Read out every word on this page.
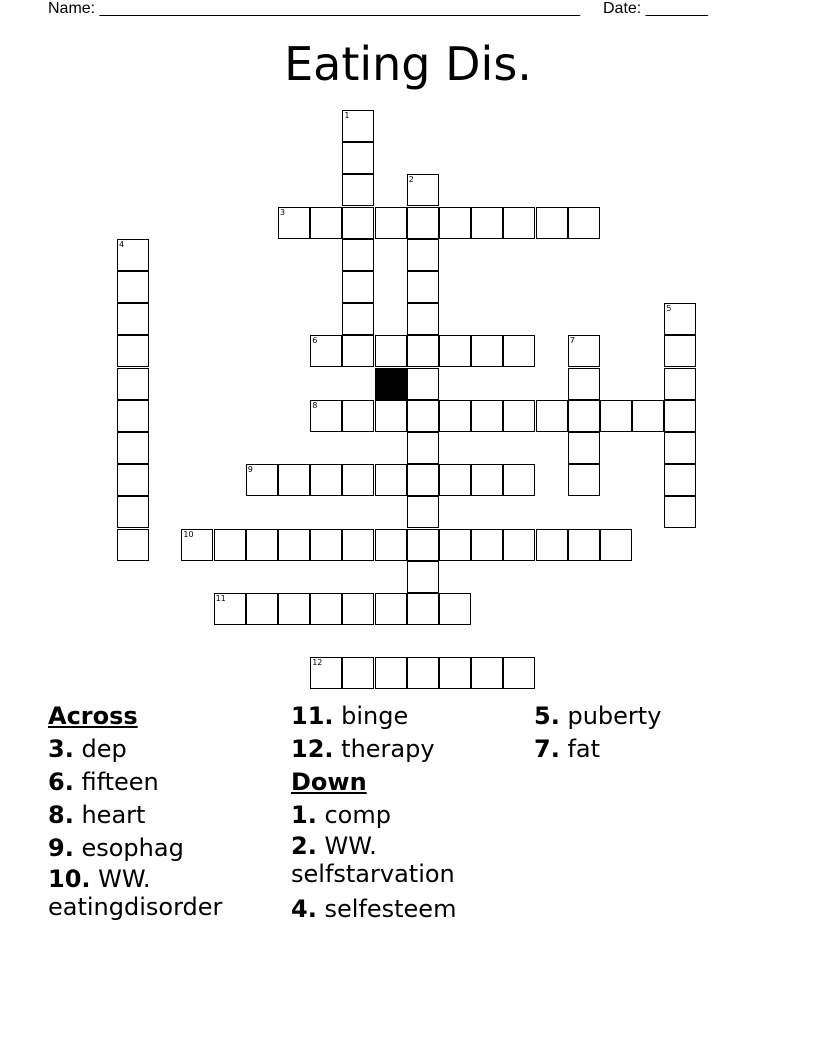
Name: ______________________________________________________ Date: _______
Eating Dis.
3
6
8
9
10
11
12
1
2
4
5
7
Across
3. dep
6. fifteen
8. heart
9. esophag
10. WW. eatingdisorder
11. binge
12. therapy
Down
1. comp
2. WW. selfstarvation
4. selfesteem
5. puberty
7. fat
